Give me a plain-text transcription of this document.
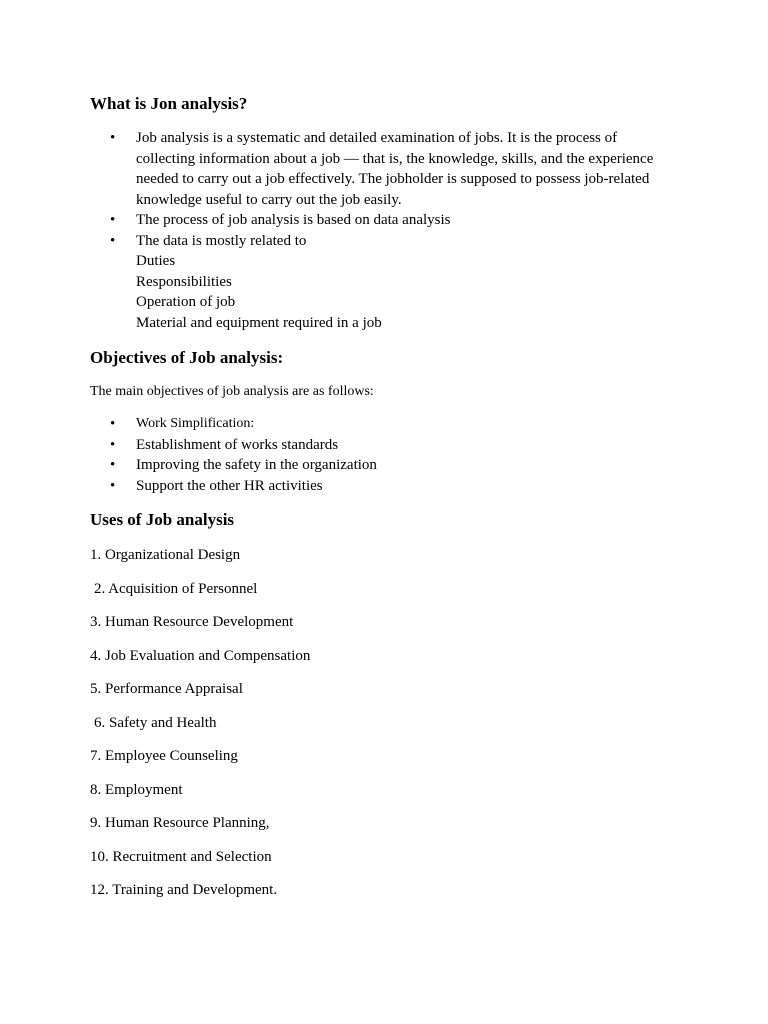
What is Jon analysis?
• Job analysis is a systematic and detailed examination of jobs. It is the process of collecting information about a job — that is, the knowledge, skills, and the experience needed to carry out a job effectively. The jobholder is supposed to possess job-related knowledge useful to carry out the job easily.
• The process of job analysis is based on data analysis
• The data is mostly related to
Duties
Responsibilities
Operation of job
Material and equipment required in a job
Objectives of Job analysis:

The main objectives of job analysis are as follows:

• Work Simplification:
• Establishment of works standards
• Improving the safety in the organization
• Support the other HR activities
Uses of Job analysis
1. Organizational Design
2. Acquisition of Personnel
3. Human Resource Development
4. Job Evaluation and Compensation
5. Performance Appraisal
6. Safety and Health
7. Employee Counseling
8. Employment
9. Human Resource Planning,
10. Recruitment and Selection
12. Training and Development.
